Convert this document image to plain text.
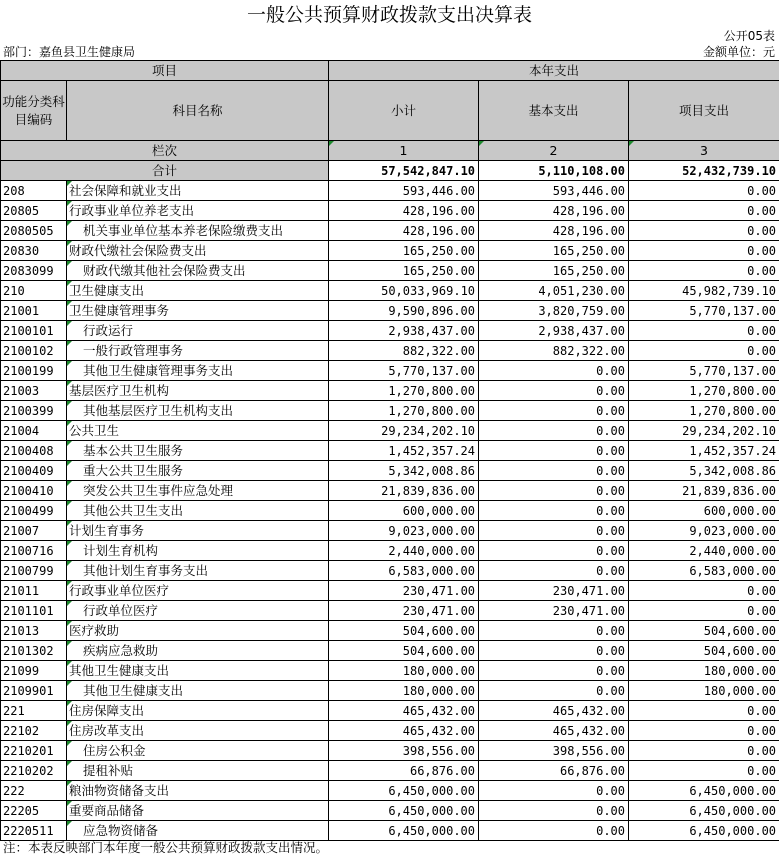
一般公共预算财政拨款支出决算表
公开05表
部门：嘉鱼县卫生健康局	金额单位：元
项目		本年支出		
功能分类科目编码	科目名称	小计	基本支出	项目支出
栏次		1	2	3
合计		57,542,847.10	5,110,108.00	52,432,739.10
208	社会保障和就业支出	593,446.00	593,446.00	0.00
20805	行政事业单位养老支出	428,196.00	428,196.00	0.00
2080505	机关事业单位基本养老保险缴费支出	428,196.00	428,196.00	0.00
20830	财政代缴社会保险费支出	165,250.00	165,250.00	0.00
2083099	财政代缴其他社会保险费支出	165,250.00	165,250.00	0.00
210	卫生健康支出	50,033,969.10	4,051,230.00	45,982,739.10
21001	卫生健康管理事务	9,590,896.00	3,820,759.00	5,770,137.00
2100101	行政运行	2,938,437.00	2,938,437.00	0.00
2100102	一般行政管理事务	882,322.00	882,322.00	0.00
2100199	其他卫生健康管理事务支出	5,770,137.00	0.00	5,770,137.00
21003	基层医疗卫生机构	1,270,800.00	0.00	1,270,800.00
2100399	其他基层医疗卫生机构支出	1,270,800.00	0.00	1,270,800.00
21004	公共卫生	29,234,202.10	0.00	29,234,202.10
2100408	基本公共卫生服务	1,452,357.24	0.00	1,452,357.24
2100409	重大公共卫生服务	5,342,008.86	0.00	5,342,008.86
2100410	突发公共卫生事件应急处理	21,839,836.00	0.00	21,839,836.00
2100499	其他公共卫生支出	600,000.00	0.00	600,000.00
21007	计划生育事务	9,023,000.00	0.00	9,023,000.00
2100716	计划生育机构	2,440,000.00	0.00	2,440,000.00
2100799	其他计划生育事务支出	6,583,000.00	0.00	6,583,000.00
21011	行政事业单位医疗	230,471.00	230,471.00	0.00
2101101	行政单位医疗	230,471.00	230,471.00	0.00
21013	医疗救助	504,600.00	0.00	504,600.00
2101302	疾病应急救助	504,600.00	0.00	504,600.00
21099	其他卫生健康支出	180,000.00	0.00	180,000.00
2109901	其他卫生健康支出	180,000.00	0.00	180,000.00
221	住房保障支出	465,432.00	465,432.00	0.00
22102	住房改革支出	465,432.00	465,432.00	0.00
2210201	住房公积金	398,556.00	398,556.00	0.00
2210202	提租补贴	66,876.00	66,876.00	0.00
222	粮油物资储备支出	6,450,000.00	0.00	6,450,000.00
22205	重要商品储备	6,450,000.00	0.00	6,450,000.00
2220511	应急物资储备	6,450,000.00	0.00	6,450,000.00
注：本表反映部门本年度一般公共预算财政拨款支出情况。
